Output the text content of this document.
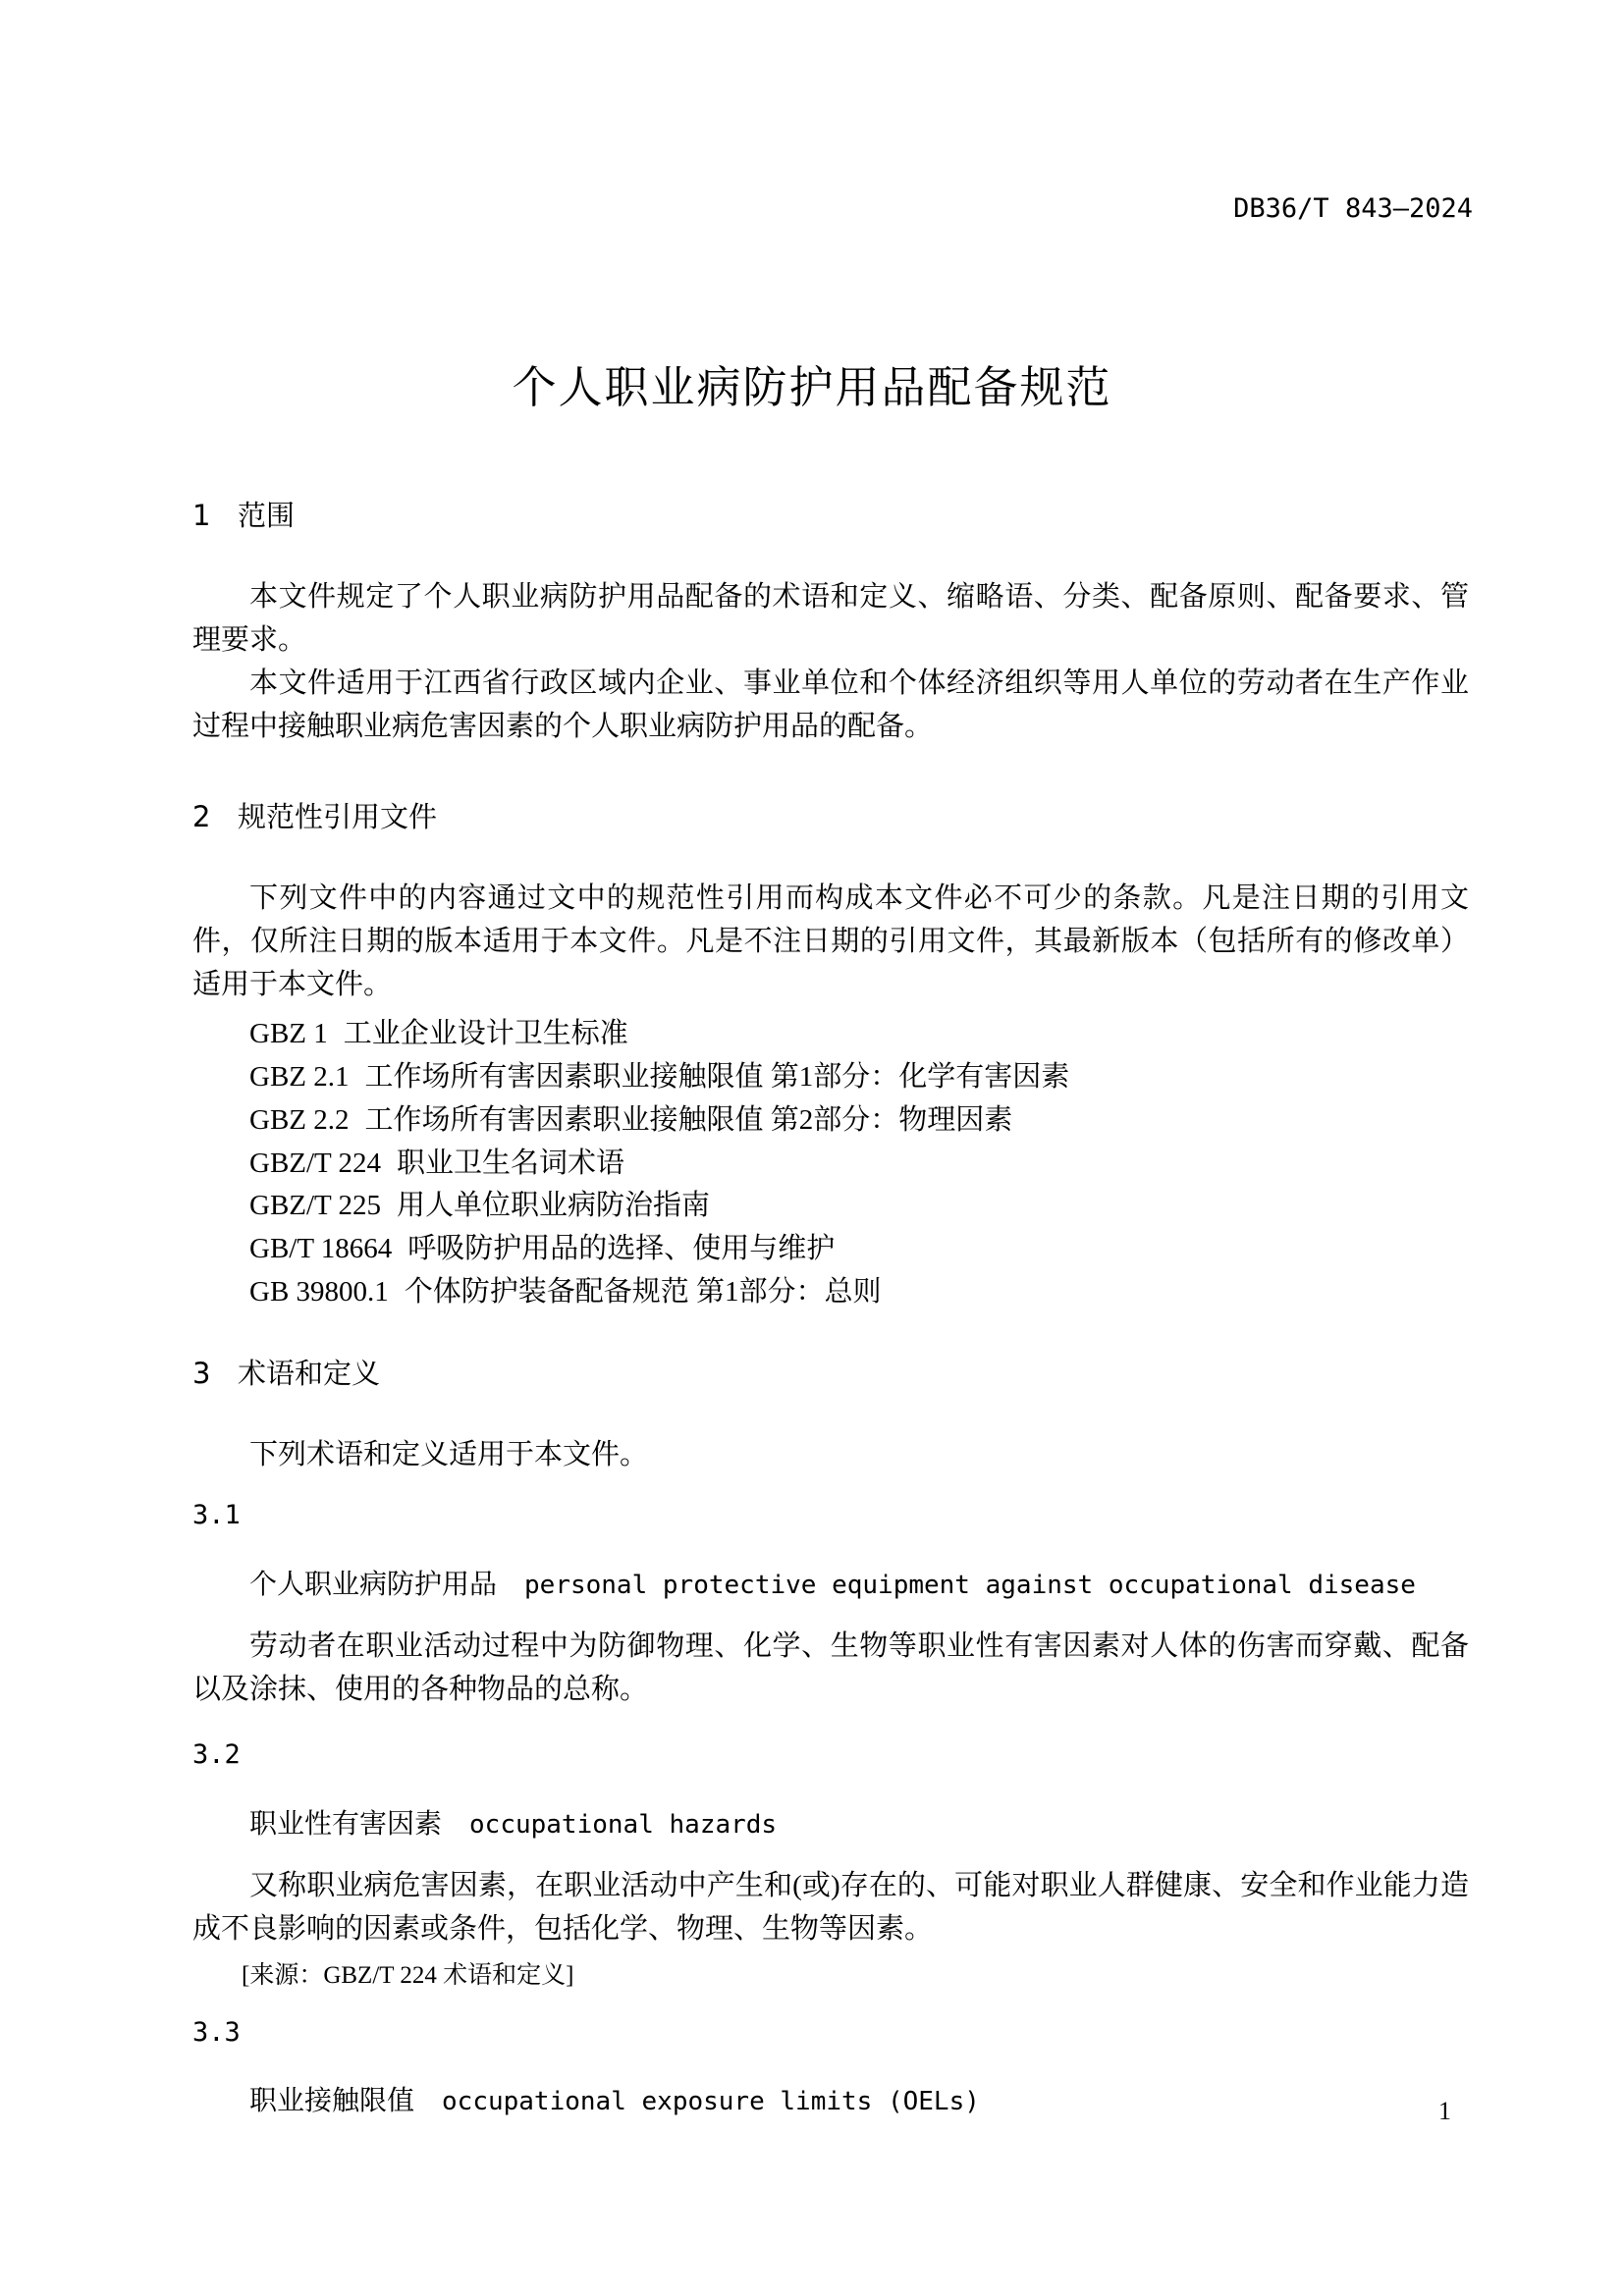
DB36/T 843—2024
个人职业病防护用品配备规范
1 范围
本文件规定了个人职业病防护用品配备的术语和定义、缩略语、分类、配备原则、配备要求、管理要求。
本文件适用于江西省行政区域内企业、事业单位和个体经济组织等用人单位的劳动者在生产作业过程中接触职业病危害因素的个人职业病防护用品的配备。
2 规范性引用文件
下列文件中的内容通过文中的规范性引用而构成本文件必不可少的条款。凡是注日期的引用文件，仅所注日期的版本适用于本文件。凡是不注日期的引用文件，其最新版本（包括所有的修改单）适用于本文件。
GBZ 1 工业企业设计卫生标准
GBZ 2.1 工作场所有害因素职业接触限值 第1部分：化学有害因素
GBZ 2.2 工作场所有害因素职业接触限值 第2部分：物理因素
GBZ/T 224 职业卫生名词术语
GBZ/T 225 用人单位职业病防治指南
GB/T 18664 呼吸防护用品的选择、使用与维护
GB 39800.1 个体防护装备配备规范 第1部分：总则
3 术语和定义
下列术语和定义适用于本文件。
3.1
个人职业病防护用品 personal protective equipment against occupational disease
劳动者在职业活动过程中为防御物理、化学、生物等职业性有害因素对人体的伤害而穿戴、配备以及涂抹、使用的各种物品的总称。
3.2
职业性有害因素 occupational hazards
又称职业病危害因素，在职业活动中产生和(或)存在的、可能对职业人群健康、安全和作业能力造成不良影响的因素或条件，包括化学、物理、生物等因素。
[来源：GBZ/T 224 术语和定义]
3.3
职业接触限值 occupational exposure limits (OELs)	1
